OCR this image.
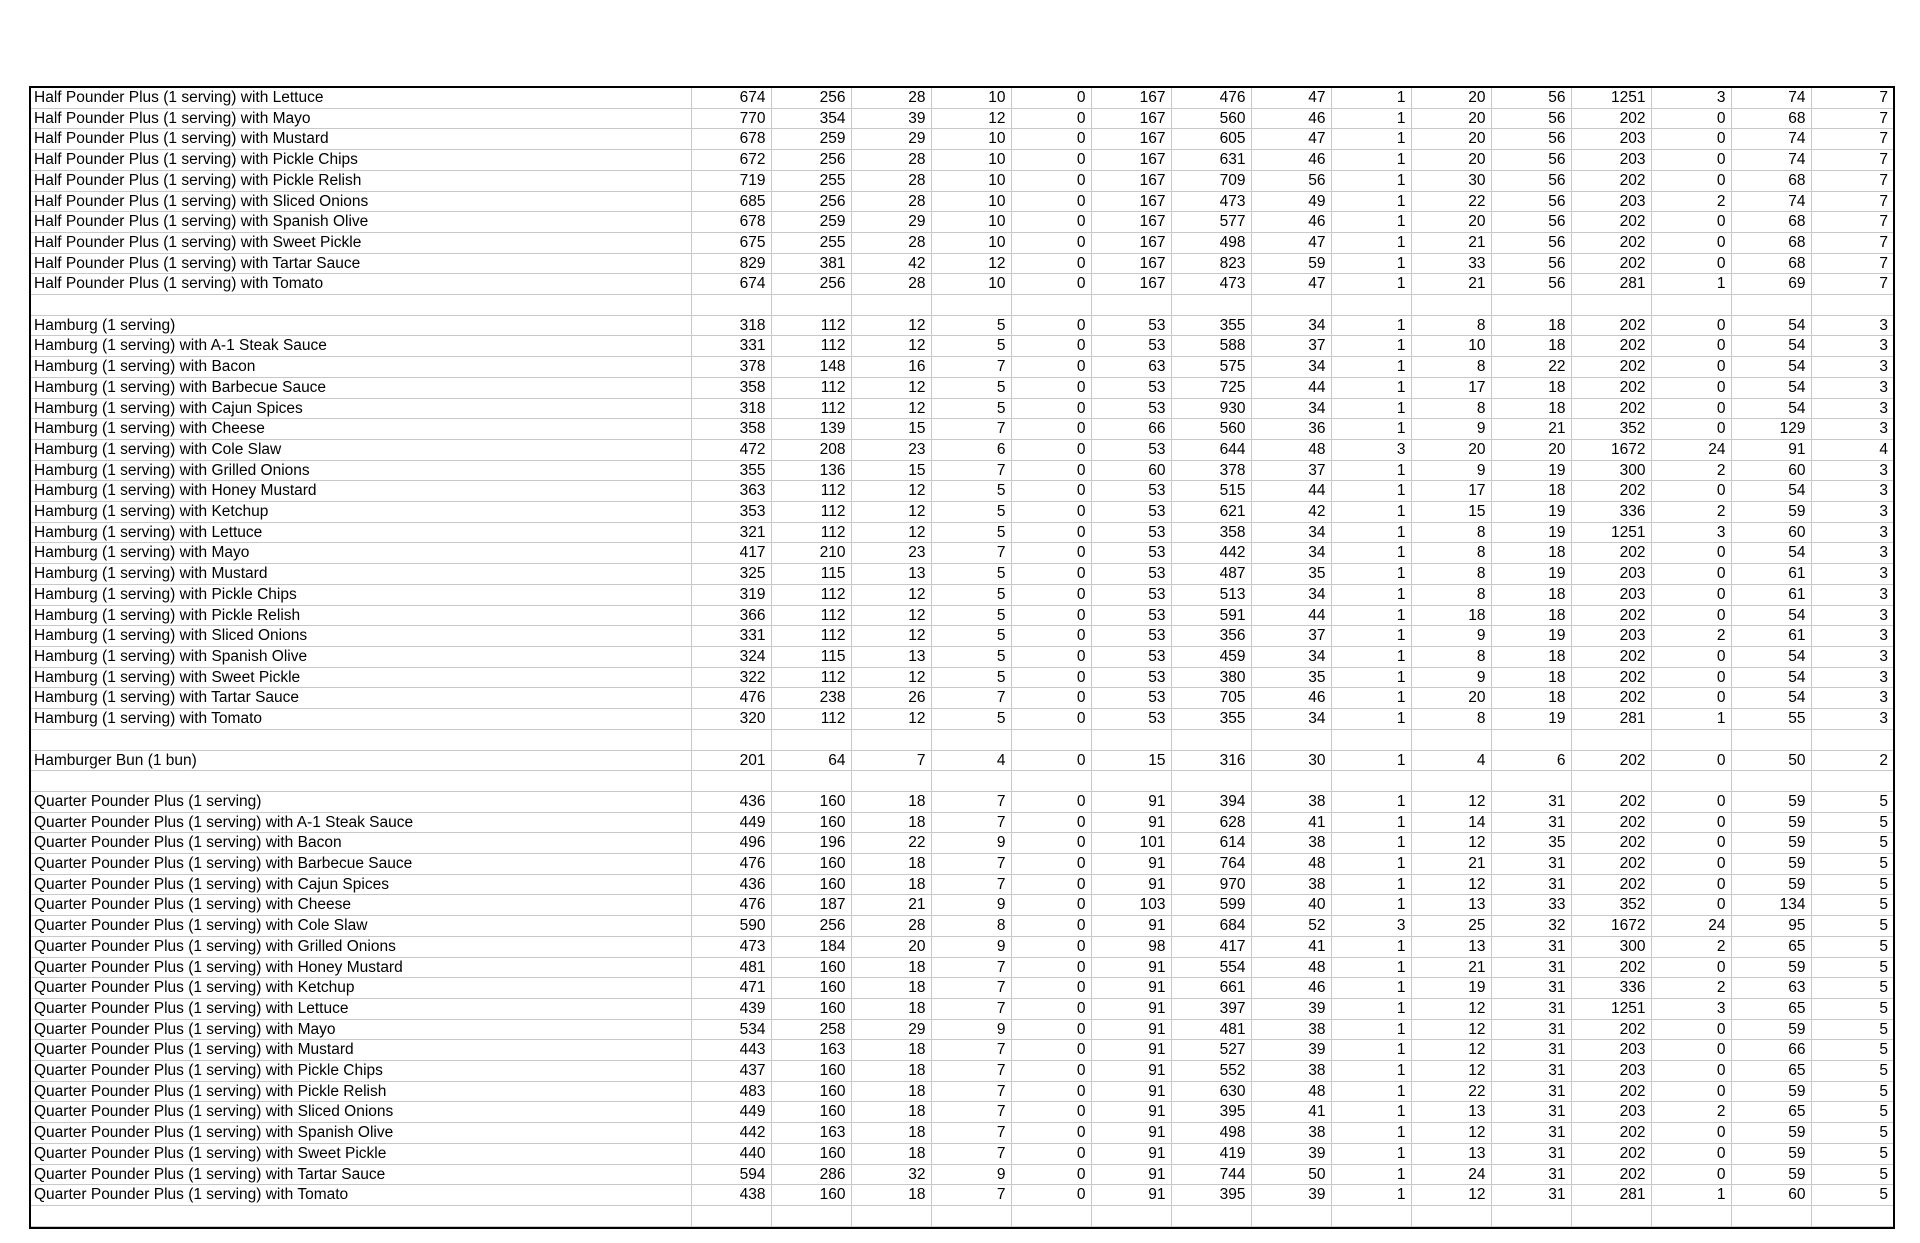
Half Pounder Plus (1 serving) with Lettuce	674	256	28	10	0	167	476	47	1	20	56	1251	3	74	7
Half Pounder Plus (1 serving) with Mayo	770	354	39	12	0	167	560	46	1	20	56	202	0	68	7
Half Pounder Plus (1 serving) with Mustard	678	259	29	10	0	167	605	47	1	20	56	203	0	74	7
Half Pounder Plus (1 serving) with Pickle Chips	672	256	28	10	0	167	631	46	1	20	56	203	0	74	7
Half Pounder Plus (1 serving) with Pickle Relish	719	255	28	10	0	167	709	56	1	30	56	202	0	68	7
Half Pounder Plus (1 serving) with Sliced Onions	685	256	28	10	0	167	473	49	1	22	56	203	2	74	7
Half Pounder Plus (1 serving) with Spanish Olive	678	259	29	10	0	167	577	46	1	20	56	202	0	68	7
Half Pounder Plus (1 serving) with Sweet Pickle	675	255	28	10	0	167	498	47	1	21	56	202	0	68	7
Half Pounder Plus (1 serving) with Tartar Sauce	829	381	42	12	0	167	823	59	1	33	56	202	0	68	7
Half Pounder Plus (1 serving) with Tomato	674	256	28	10	0	167	473	47	1	21	56	281	1	69	7

Hamburg (1 serving)	318	112	12	5	0	53	355	34	1	8	18	202	0	54	3
Hamburg (1 serving) with A-1 Steak Sauce	331	112	12	5	0	53	588	37	1	10	18	202	0	54	3
Hamburg (1 serving) with Bacon	378	148	16	7	0	63	575	34	1	8	22	202	0	54	3
Hamburg (1 serving) with Barbecue Sauce	358	112	12	5	0	53	725	44	1	17	18	202	0	54	3
Hamburg (1 serving) with Cajun Spices	318	112	12	5	0	53	930	34	1	8	18	202	0	54	3
Hamburg (1 serving) with Cheese	358	139	15	7	0	66	560	36	1	9	21	352	0	129	3
Hamburg (1 serving) with Cole Slaw	472	208	23	6	0	53	644	48	3	20	20	1672	24	91	4
Hamburg (1 serving) with Grilled Onions	355	136	15	7	0	60	378	37	1	9	19	300	2	60	3
Hamburg (1 serving) with Honey Mustard	363	112	12	5	0	53	515	44	1	17	18	202	0	54	3
Hamburg (1 serving) with Ketchup	353	112	12	5	0	53	621	42	1	15	19	336	2	59	3
Hamburg (1 serving) with Lettuce	321	112	12	5	0	53	358	34	1	8	19	1251	3	60	3
Hamburg (1 serving) with Mayo	417	210	23	7	0	53	442	34	1	8	18	202	0	54	3
Hamburg (1 serving) with Mustard	325	115	13	5	0	53	487	35	1	8	19	203	0	61	3
Hamburg (1 serving) with Pickle Chips	319	112	12	5	0	53	513	34	1	8	18	203	0	61	3
Hamburg (1 serving) with Pickle Relish	366	112	12	5	0	53	591	44	1	18	18	202	0	54	3
Hamburg (1 serving) with Sliced Onions	331	112	12	5	0	53	356	37	1	9	19	203	2	61	3
Hamburg (1 serving) with Spanish Olive	324	115	13	5	0	53	459	34	1	8	18	202	0	54	3
Hamburg (1 serving) with Sweet Pickle	322	112	12	5	0	53	380	35	1	9	18	202	0	54	3
Hamburg (1 serving) with Tartar Sauce	476	238	26	7	0	53	705	46	1	20	18	202	0	54	3
Hamburg (1 serving) with Tomato	320	112	12	5	0	53	355	34	1	8	19	281	1	55	3

Hamburger Bun (1 bun)	201	64	7	4	0	15	316	30	1	4	6	202	0	50	2

Quarter Pounder Plus (1 serving)	436	160	18	7	0	91	394	38	1	12	31	202	0	59	5
Quarter Pounder Plus (1 serving) with A-1 Steak Sauce	449	160	18	7	0	91	628	41	1	14	31	202	0	59	5
Quarter Pounder Plus (1 serving) with Bacon	496	196	22	9	0	101	614	38	1	12	35	202	0	59	5
Quarter Pounder Plus (1 serving) with Barbecue Sauce	476	160	18	7	0	91	764	48	1	21	31	202	0	59	5
Quarter Pounder Plus (1 serving) with Cajun Spices	436	160	18	7	0	91	970	38	1	12	31	202	0	59	5
Quarter Pounder Plus (1 serving) with Cheese	476	187	21	9	0	103	599	40	1	13	33	352	0	134	5
Quarter Pounder Plus (1 serving) with Cole Slaw	590	256	28	8	0	91	684	52	3	25	32	1672	24	95	5
Quarter Pounder Plus (1 serving) with Grilled Onions	473	184	20	9	0	98	417	41	1	13	31	300	2	65	5
Quarter Pounder Plus (1 serving) with Honey Mustard	481	160	18	7	0	91	554	48	1	21	31	202	0	59	5
Quarter Pounder Plus (1 serving) with Ketchup	471	160	18	7	0	91	661	46	1	19	31	336	2	63	5
Quarter Pounder Plus (1 serving) with Lettuce	439	160	18	7	0	91	397	39	1	12	31	1251	3	65	5
Quarter Pounder Plus (1 serving) with Mayo	534	258	29	9	0	91	481	38	1	12	31	202	0	59	5
Quarter Pounder Plus (1 serving) with Mustard	443	163	18	7	0	91	527	39	1	12	31	203	0	66	5
Quarter Pounder Plus (1 serving) with Pickle Chips	437	160	18	7	0	91	552	38	1	12	31	203	0	65	5
Quarter Pounder Plus (1 serving) with Pickle Relish	483	160	18	7	0	91	630	48	1	22	31	202	0	59	5
Quarter Pounder Plus (1 serving) with Sliced Onions	449	160	18	7	0	91	395	41	1	13	31	203	2	65	5
Quarter Pounder Plus (1 serving) with Spanish Olive	442	163	18	7	0	91	498	38	1	12	31	202	0	59	5
Quarter Pounder Plus (1 serving) with Sweet Pickle	440	160	18	7	0	91	419	39	1	13	31	202	0	59	5
Quarter Pounder Plus (1 serving) with Tartar Sauce	594	286	32	9	0	91	744	50	1	24	31	202	0	59	5
Quarter Pounder Plus (1 serving) with Tomato	438	160	18	7	0	91	395	39	1	12	31	281	1	60	5
